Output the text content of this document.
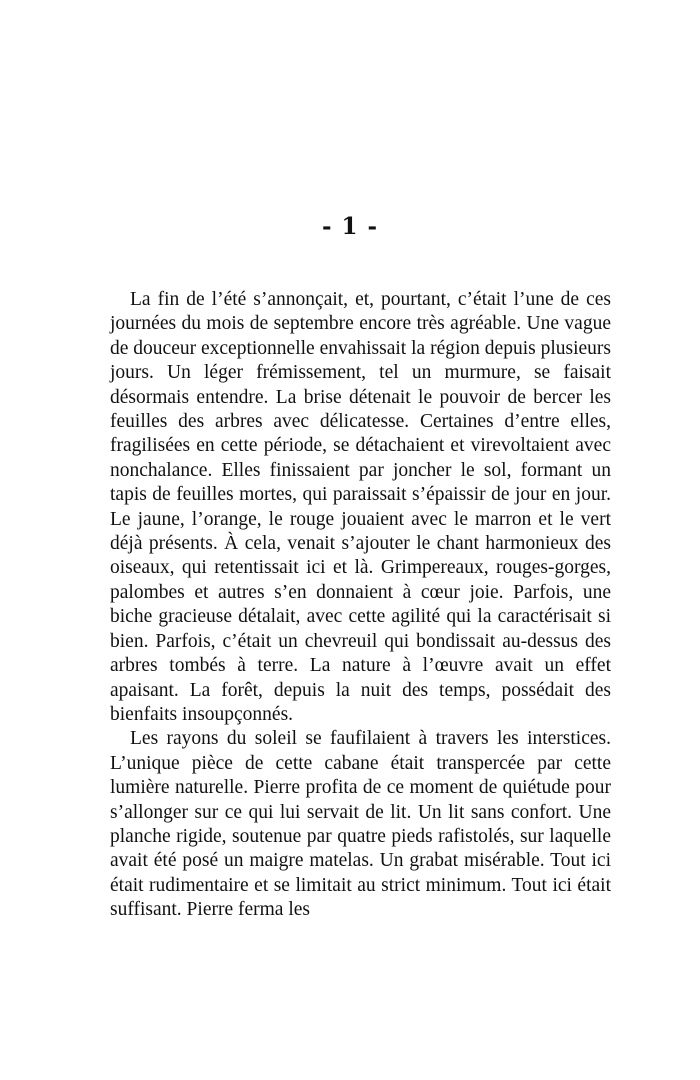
- 1 -

La fin de l’été s’annonçait, et, pourtant, c’était l’une de ces journées du mois de septembre encore très agréable. Une vague de douceur exceptionnelle envahissait la région depuis plusieurs jours. Un léger frémissement, tel un murmure, se faisait désormais entendre. La brise détenait le pouvoir de bercer les feuilles des arbres avec délicatesse. Certaines d’entre elles, fragilisées en cette période, se détachaient et virevoltaient avec nonchalance. Elles finissaient par joncher le sol, formant un tapis de feuilles mortes, qui paraissait s’épaissir de jour en jour. Le jaune, l’orange, le rouge jouaient avec le marron et le vert déjà présents. À cela, venait s’ajouter le chant harmonieux des oiseaux, qui retentissait ici et là. Grimpereaux, rouges-gorges, palombes et autres s’en donnaient à cœur joie. Parfois, une biche gracieuse détalait, avec cette agilité qui la caractérisait si bien. Parfois, c’était un chevreuil qui bondissait au-dessus des arbres tombés à terre. La nature à l’œuvre avait un effet apaisant. La forêt, depuis la nuit des temps, possédait des bienfaits insoupçonnés.

Les rayons du soleil se faufilaient à travers les interstices. L’unique pièce de cette cabane était transpercée par cette lumière naturelle. Pierre profita de ce moment de quiétude pour s’allonger sur ce qui lui servait de lit. Un lit sans confort. Une planche rigide, soutenue par quatre pieds rafistolés, sur laquelle avait été posé un maigre matelas. Un grabat misérable. Tout ici était rudimentaire et se limitait au strict minimum. Tout ici était suffisant. Pierre ferma les
